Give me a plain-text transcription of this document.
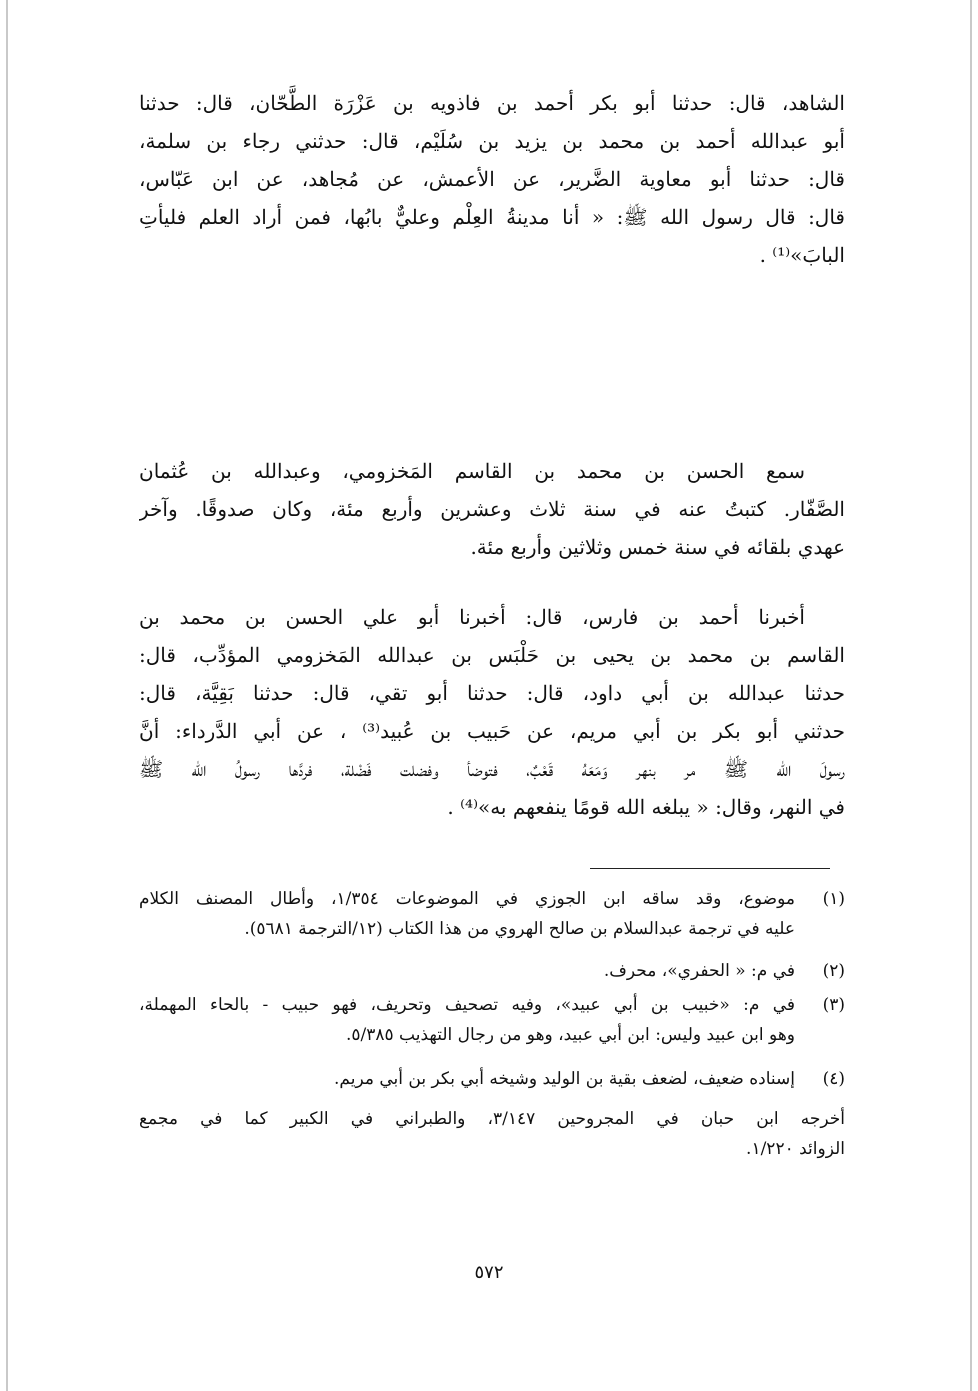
الشاهد، قال: حدثنا أبو بكر أحمد بن فاذويه بن عَزْرَة الطَّحّان، قال: حدثنا
أبو عبدالله أحمد بن محمد بن يزيد بن سُلَيْم، قال: حدثني رجاء بن سلمة،
قال: حدثنا أبو معاوية الضَّرير، عن الأعمش، عن مُجاهد، عن ابن عَبّاس،
قال: قال رسول الله ﷺ: « أنا مدينةُ العِلْم وعليٌّ بابُها، فمن أراد العلم فليأتِ
البابَ»⁽¹⁾ .
سمع الحسن بن محمد بن القاسم المَخزومي، وعبدالله بن عُثمان
الصَّفّار. كتبتُ عنه في سنة ثلاث وعشرين وأربع مئة، وكان صدوقًا. وآخر
عهدي بلقائه في سنة خمس وثلاثين وأربع مئة.
أخبرنا أحمد بن فارس، قال: أخبرنا أبو علي الحسن بن محمد بن
القاسم بن محمد بن يحيى بن حَلْبَس بن عبدالله المَخزومي المؤدِّب، قال:
حدثنا عبدالله بن أبي داود، قال: حدثنا أبو تقي، قال: حدثنا بَقِيَّة، قال:
حدثني أبو بكر بن أبي مريم، عن حَبيب بن عُبيد⁽³⁾ ، عن أبي الدَّرداء: أنَّ
رسولَ الله ﷺ مر بنهر وَمَعَهُ قَعْبٌ، فتوضأ وفضلت فَضْلة، فردَّها رسولُ الله ﷺ
في النهر، وقال: « يبلغه الله قومًا ينفعهم به»⁽⁴⁾ .
(١)
موضوع، وقد ساقه ابن الجوزي في الموضوعات ١/٣٥٤، وأطال المصنف الكلام
عليه في ترجمة عبدالسلام بن صالح الهروي من هذا الكتاب (١٢/الترجمة ٥٦٨١).
(٢)
في م: « الحفري»، محرف.
(٣)
في م: «خبيب بن أبي عبيد»، وفيه تصحيف وتحريف، فهو حبيب - بالحاء المهملة،
وهو ابن عبيد وليس: ابن أبي عبيد، وهو من رجال التهذيب ٥/٣٨٥.
(٤)
إسناده ضعيف، لضعف بقية بن الوليد وشيخه أبي بكر بن أبي مريم.
أخرجه ابن حبان في المجروحين ٣/١٤٧، والطبراني في الكبير كما في مجمع
الزوائد ١/٢٢٠.
٥٧٢
